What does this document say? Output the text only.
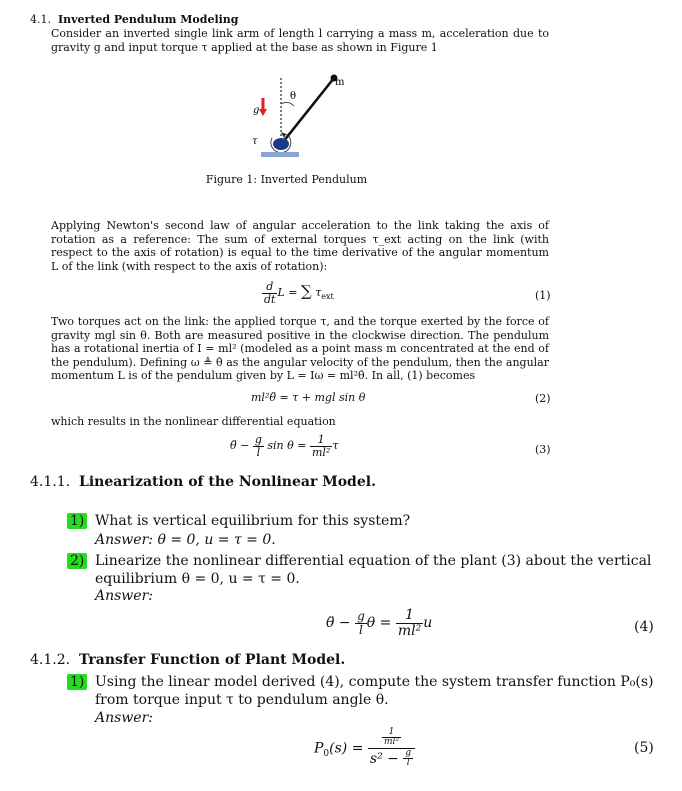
4.1. Inverted Pendulum Modeling
Consider an inverted single link arm of length l carrying a mass m, acceleration due to gravity g and input torque τ applied at the base as shown in Figure 1
θ
m
g
τ
Figure 1: Inverted Pendulum
Applying Newton's second law of angular acceleration to the link taking the axis of rotation as a reference: The sum of external torques τ_ext acting on the link (with respect to the axis of rotation) is equal to the time derivative of the angular momentum L of the link (with respect to the axis of rotation):
$\frac{d}{dt}$ L = ∑ $\tau_{ext}$	(1)
Two torques act on the link: the applied torque τ, and the torque exerted by the force of gravity mgl sin θ. Both are measured positive in the clockwise direction. The pendulum has a rotational inertia of I = ml² (modeled as a point mass m concentrated at the end of the pendulum). Defining ω ≜ θ̇ as the angular velocity of the pendulum, then the angular momentum L is of the pendulum given by L = Iω = ml²θ̇. In all, (1) becomes
ml²θ̈ = τ + mgl sin θ	(2)
which results in the nonlinear differential equation
θ̈ − $\frac{g}{l}$ $\sin \theta = \frac{1}{\text{ml²}}$ τ	(3)
4.1.1. Linearization of the Nonlinear Model.
1) What is vertical equilibrium for this system?
Answer: θ = 0, u = τ = 0.
2) Linearize the nonlinear differential equation of the plant (3) about the vertical equilibrium θ = 0, u = τ = 0.
Answer:
θ̈ − $\frac{g}{l}$ $\theta = \frac{1}{\text{ml²}}$ u	(4)
4.1.2. Transfer Function of Plant Model.
1) Using the linear model derived (4), compute the system transfer function P₀(s) from torque input τ to pendulum angle θ.
Answer:
$P_0(s) = \frac{\frac{1}{\text{ml²}}}{s^2 - \frac{g}{l}}$	(5)
